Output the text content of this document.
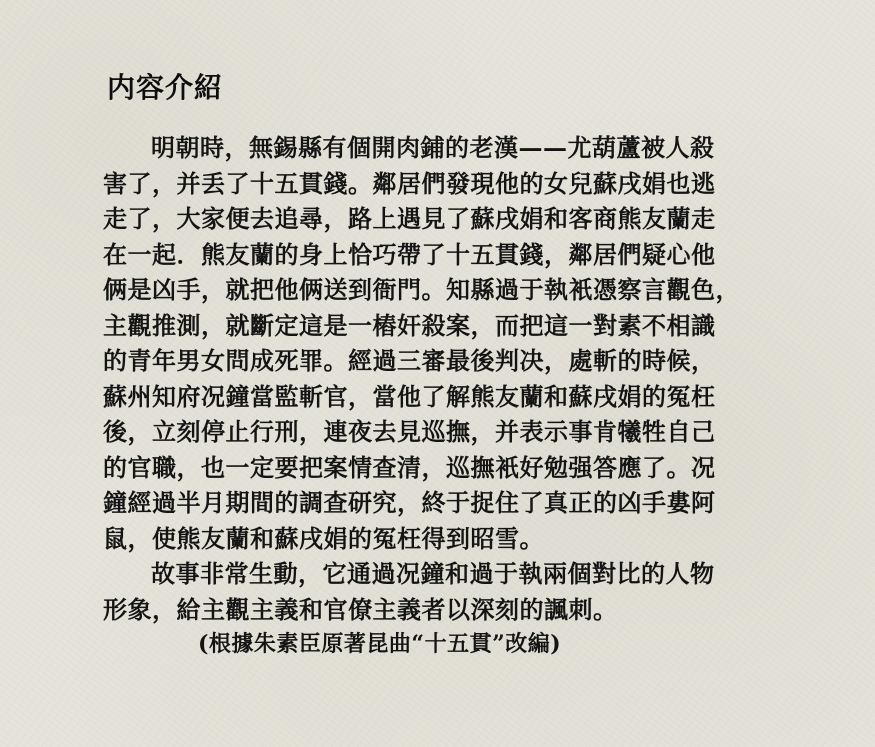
内容介紹
明朝時，無錫縣有個開肉鋪的老漢——尤葫蘆被人殺
害了，并丢了十五貫錢。鄰居們發現他的女兒蘇戌娟也逃
走了，大家便去追尋，路上遇見了蘇戌娟和客商熊友蘭走
在一起．熊友蘭的身上恰巧帶了十五貫錢，鄰居們疑心他
俩是凶手，就把他俩送到衙門。知縣過于執衹憑察言觀色，
主觀推測，就斷定這是一樁奸殺案，而把這一對素不相識
的青年男女問成死罪。經過三審最後判决，處斬的時候，
蘇州知府况鐘當監斬官，當他了解熊友蘭和蘇戌娟的冤枉
後，立刻停止行刑，連夜去見巡撫，并表示事肯犧牲自己
的官職，也一定要把案情查清，巡撫衹好勉强答應了。况
鐘經過半月期間的調查研究，終于捉住了真正的凶手婁阿
鼠，使熊友蘭和蘇戌娟的冤枉得到昭雪。
故事非常生動，它通過况鐘和過于執兩個對比的人物
形象，給主觀主義和官僚主義者以深刻的諷刺。
(根據朱素臣原著昆曲“十五貫”改編)
